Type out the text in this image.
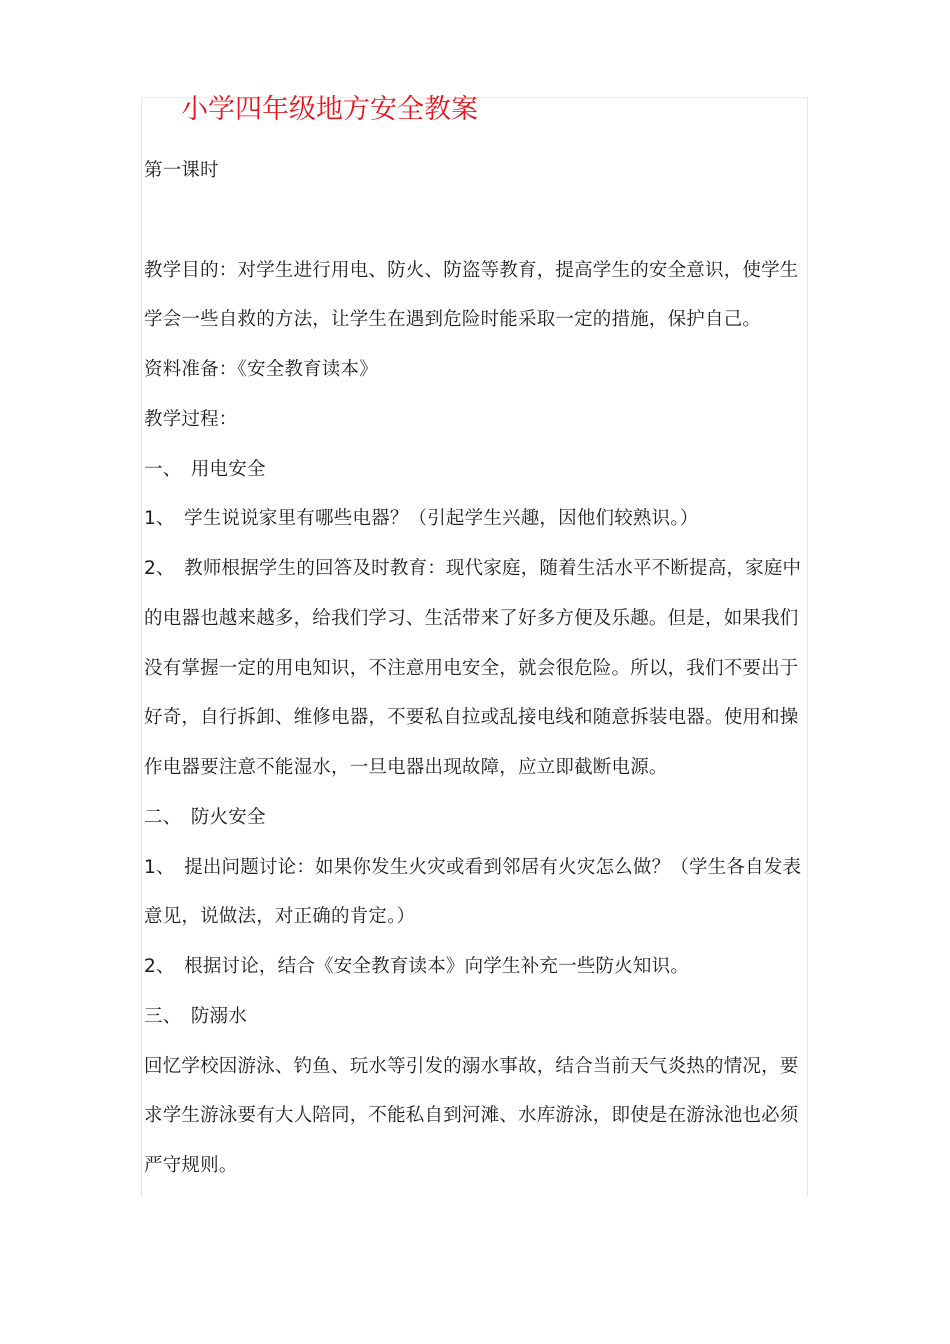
小学四年级地方安全教案
第一课时
教学目的：对学生进行用电、防火、防盗等教育，提高学生的安全意识，使学生
学会一些自救的方法，让学生在遇到危险时能采取一定的措施，保护自己。
资料准备：《安全教育读本》
教学过程：
一、　用电安全
1、　学生说说家里有哪些电器？（引起学生兴趣，因他们较熟识。）
2、　教师根据学生的回答及时教育：现代家庭，随着生活水平不断提高，家庭中
的电器也越来越多，给我们学习、生活带来了好多方便及乐趣。但是，如果我们
没有掌握一定的用电知识，不注意用电安全，就会很危险。所以，我们不要出于
好奇，自行拆卸、维修电器，不要私自拉或乱接电线和随意拆装电器。使用和操
作电器要注意不能湿水，一旦电器出现故障，应立即截断电源。
二、　防火安全
1、　提出问题讨论：如果你发生火灾或看到邻居有火灾怎么做？（学生各自发表
意见，说做法，对正确的肯定。）
2、　根据讨论，结合《安全教育读本》向学生补充一些防火知识。
三、　防溺水
回忆学校因游泳、钓鱼、玩水等引发的溺水事故，结合当前天气炎热的情况，要
求学生游泳要有大人陪同，不能私自到河滩、水库游泳，即使是在游泳池也必须
严守规则。
